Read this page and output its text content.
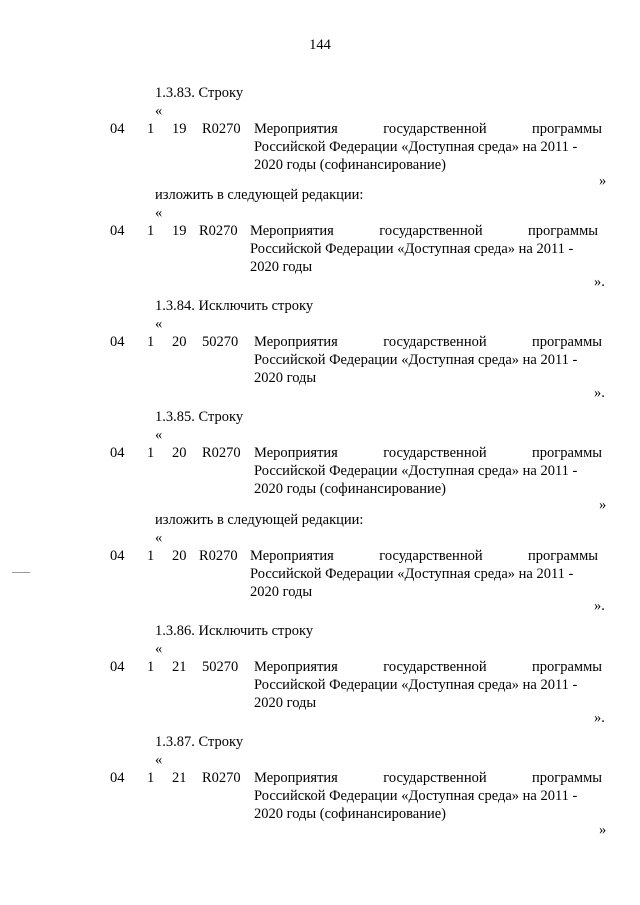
144
1.3.83. Строку
«
04 1 19 R0270 Мероприятия	государственной	программы
Российской Федерации «Доступная среда» на 2011 -
2020 годы (софинансирование)
»
изложить в следующей редакции:
«
04 1 19 R0270 Мероприятия	государственной	программы
Российской Федерации «Доступная среда» на 2011 -
2020 годы
».
1.3.84. Исключить строку
«
04 1 20 50270 Мероприятия	государственной	программы
Российской Федерации «Доступная среда» на 2011 -
2020 годы
».
1.3.85. Строку
«
04 1 20 R0270 Мероприятия	государственной	программы
Российской Федерации «Доступная среда» на 2011 -
2020 годы (софинансирование)
»
изложить в следующей редакции:
«
04 1 20 R0270 Мероприятия	государственной	программы
Российской Федерации «Доступная среда» на 2011 -
2020 годы
».
1.3.86. Исключить строку
«
04 1 21 50270 Мероприятия	государственной	программы
Российской Федерации «Доступная среда» на 2011 -
2020 годы
».
1.3.87. Строку
«
04 1 21 R0270 Мероприятия	государственной	программы
Российской Федерации «Доступная среда» на 2011 -
2020 годы (софинансирование)
»
